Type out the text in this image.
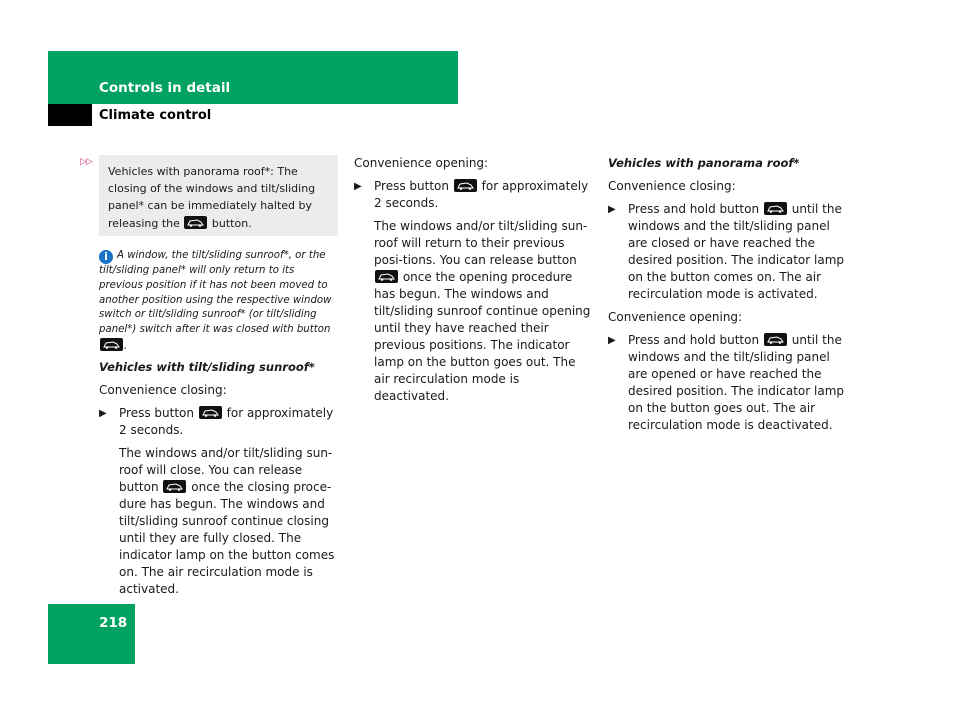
Controls in detail
Climate control
▷▷

Vehicles with panorama roof*: The closing of the windows and tilt/sliding panel* can be immediately halted by releasing the	button.

i A window, the tilt/sliding sunroof*, or the tilt/sliding panel* will only return to its previous position if it has not been moved to another position using the respective window switch or tilt/sliding sunroof* (or tilt/sliding panel*) switch after it was closed with button
.

Vehicles with tilt/sliding sunroof*

Convenience closing:

▶ Press button	for approximately 2 seconds.

The windows and/or tilt/sliding sun-roof will close. You can release button	once the closing proce-dure has begun. The windows and tilt/sliding sunroof continue closing until they are fully closed. The indicator lamp on the button comes on. The air recirculation mode is activated.

Convenience opening:

▶ Press button	for approximately 2 seconds.

The windows and/or tilt/sliding sun-roof will return to their previous posi-tions. You can release button
once the opening procedure has begun. The windows and tilt/sliding sunroof continue opening until they have reached their previous positions. The indicator lamp on the button goes out. The air recirculation mode is deactivated.

Vehicles with panorama roof*

Convenience closing:

▶ Press and hold button	until the windows and the tilt/sliding panel are closed or have reached the desired position. The indicator lamp on the button comes on. The air recirculation mode is activated.

Convenience opening:

▶ Press and hold button	until the windows and the tilt/sliding panel are opened or have reached the desired position. The indicator lamp on the button goes out. The air recirculation mode is deactivated.
218
